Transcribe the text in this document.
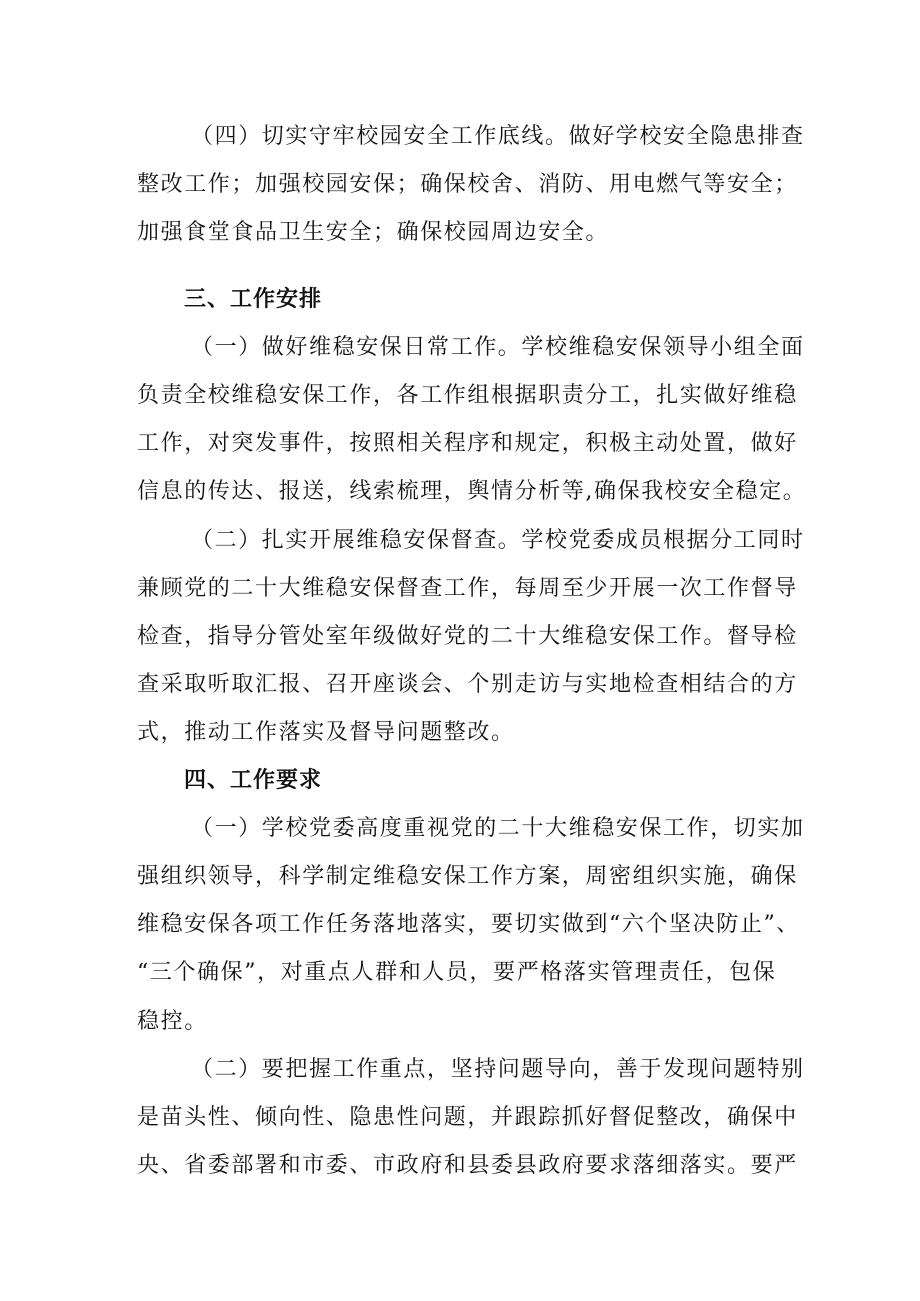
（四）切实守牢校园安全工作底线。做好学校安全隐患排查
整改工作；加强校园安保；确保校舍、消防、用电燃气等安全；
加强食堂食品卫生安全；确保校园周边安全。
三、工作安排
（一）做好维稳安保日常工作。学校维稳安保领导小组全面
负责全校维稳安保工作，各工作组根据职责分工，扎实做好维稳
工作，对突发事件，按照相关程序和规定，积极主动处置，做好
信息的传达、报送，线索梳理，舆情分析等,确保我校安全稳定。
（二）扎实开展维稳安保督查。学校党委成员根据分工同时
兼顾党的二十大维稳安保督查工作，每周至少开展一次工作督导
检查，指导分管处室年级做好党的二十大维稳安保工作。督导检
查采取听取汇报、召开座谈会、个别走访与实地检查相结合的方
式，推动工作落实及督导问题整改。
四、工作要求
（一）学校党委高度重视党的二十大维稳安保工作，切实加
强组织领导，科学制定维稳安保工作方案，周密组织实施，确保
维稳安保各项工作任务落地落实，要切实做到“六个坚决防止”、
“三个确保”，对重点人群和人员，要严格落实管理责任，包保
稳控。
（二）要把握工作重点，坚持问题导向，善于发现问题特别
是苗头性、倾向性、隐患性问题，并跟踪抓好督促整改，确保中
央、省委部署和市委、市政府和县委县政府要求落细落实。要严
